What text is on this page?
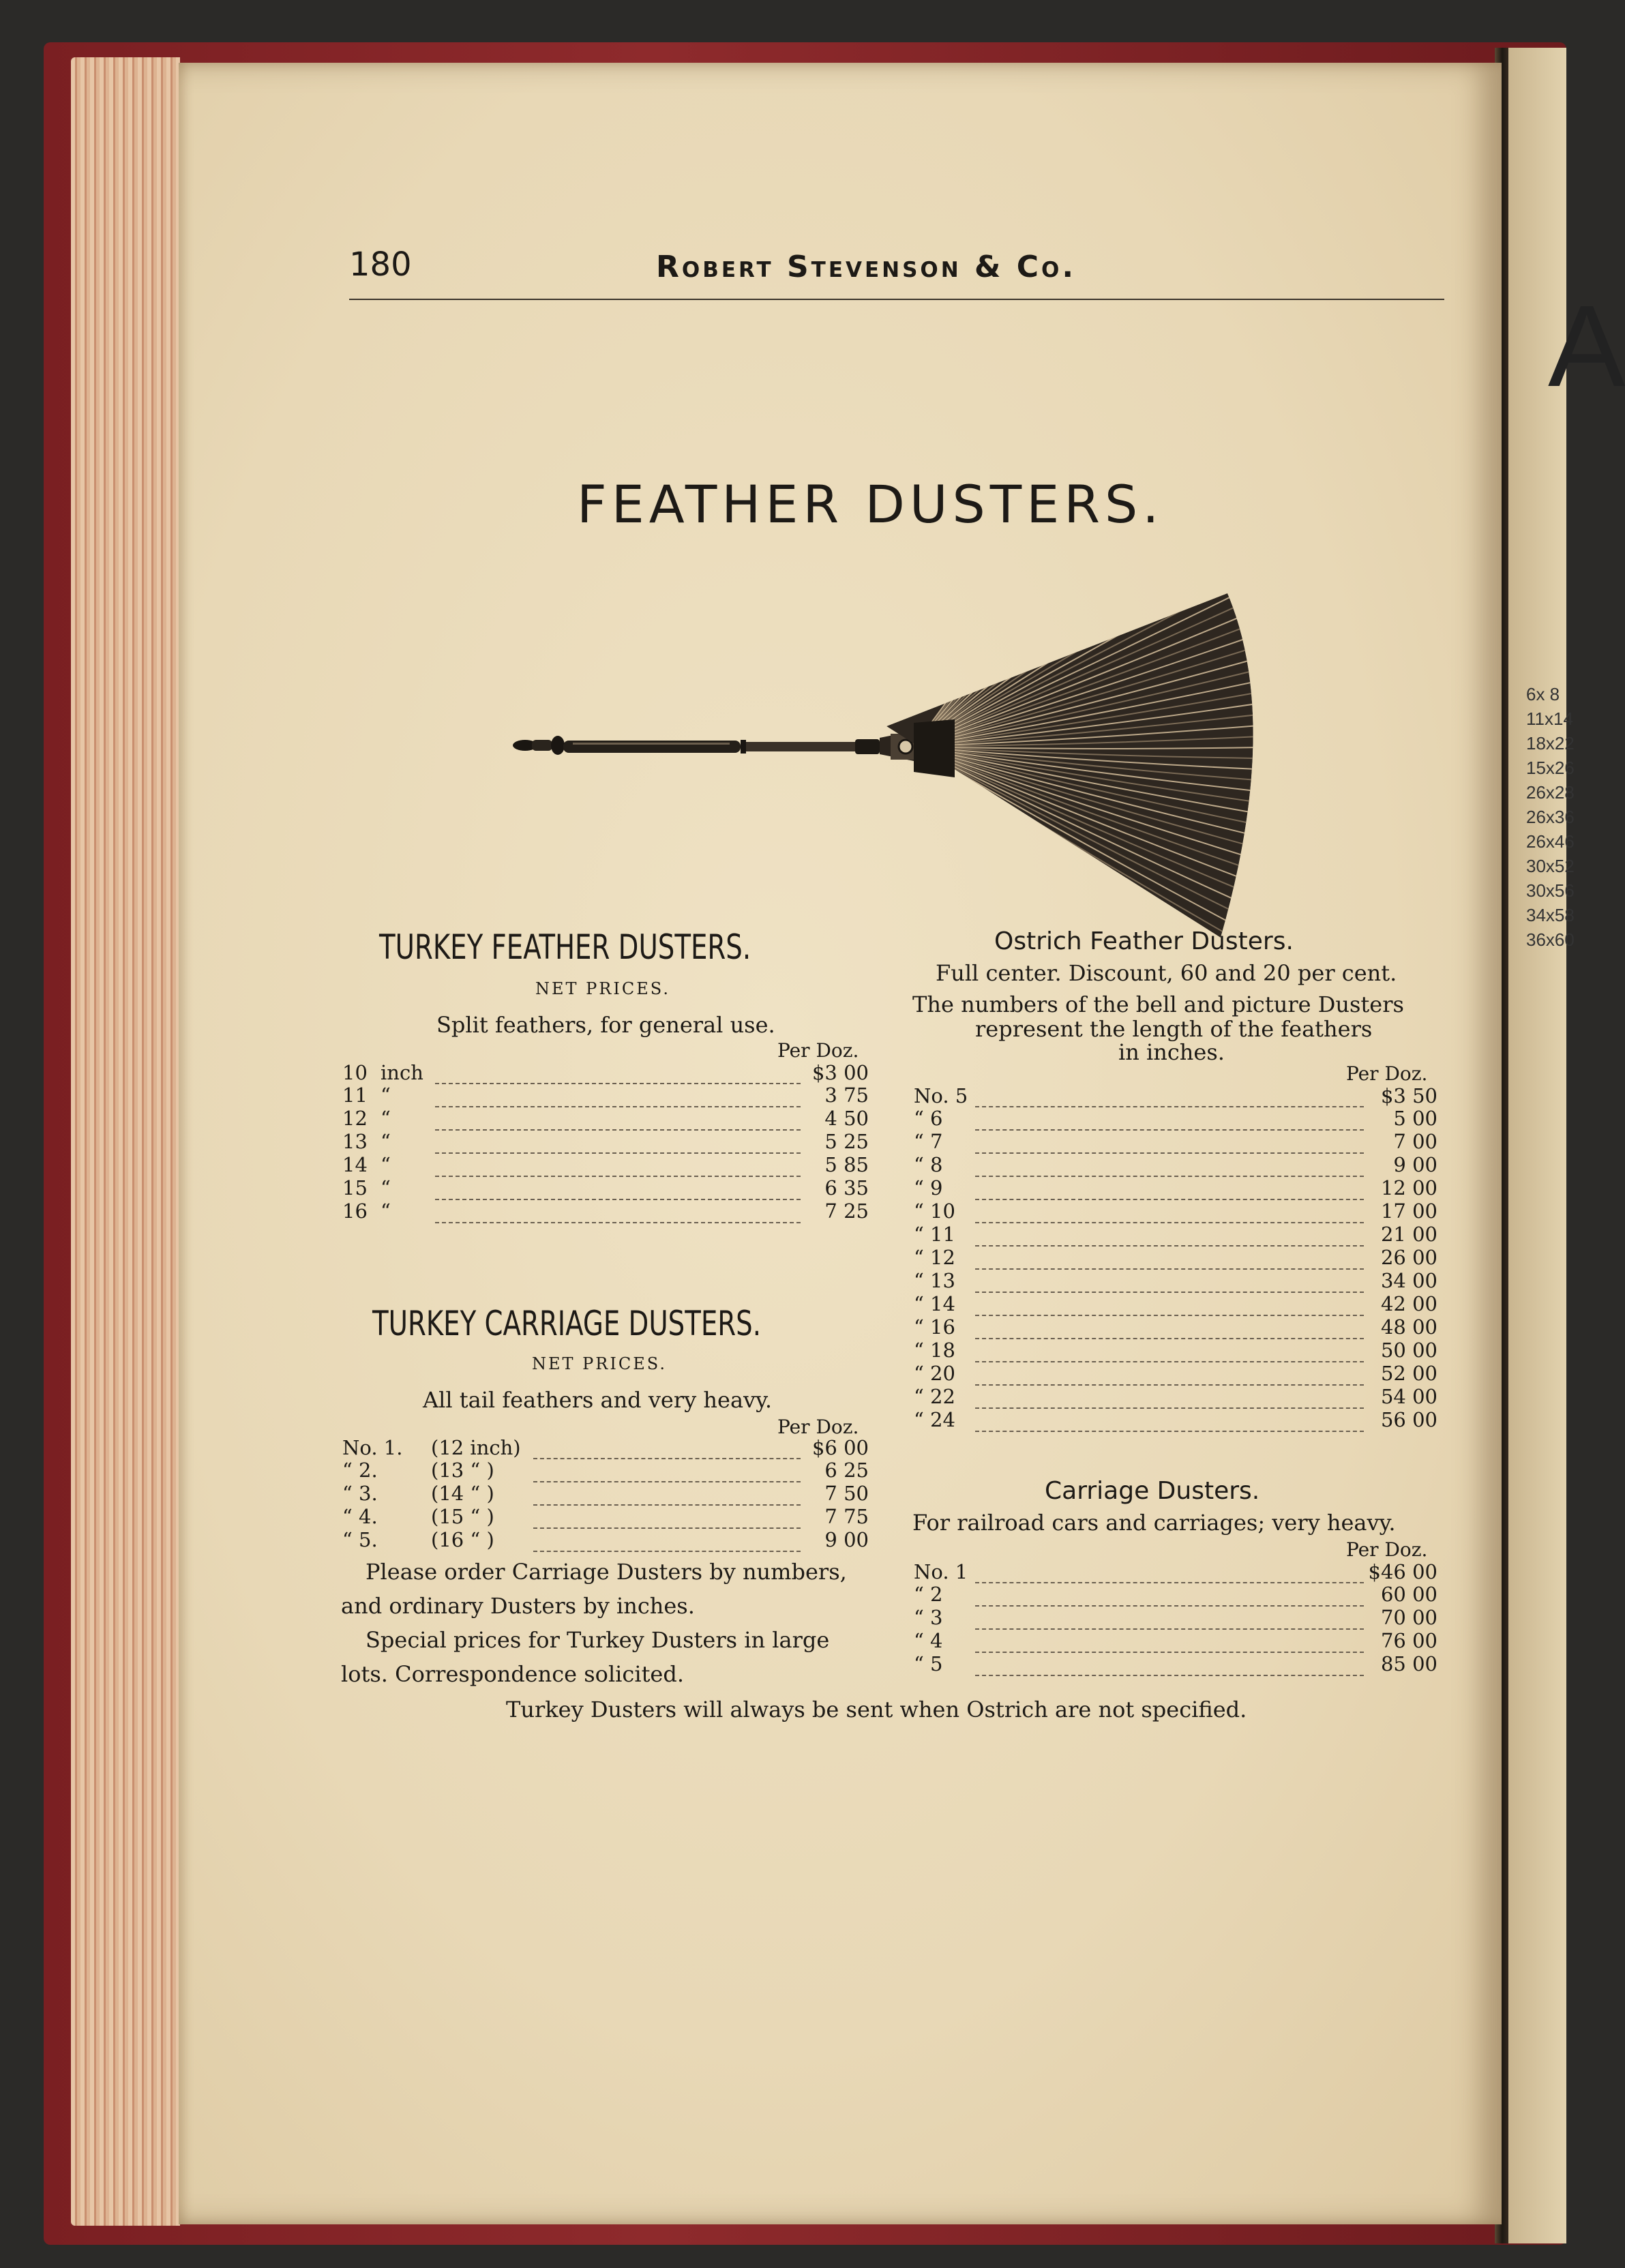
A
6x 8
11x14
18x22
15x26
26x28
26x36
26x46
30x52
30x56
34x58
36x60
180	Robert Stevenson & Co.
FEATHER DUSTERS.
TURKEY FEATHER DUSTERS.
NET PRICES.
Split feathers, for general use.
Per Doz.
10	inch		$3 00
11	“		3 75
12	“		4 50
13	“		5 25
14	“		5 85
15	“		6 35
16	“		7 25
TURKEY CARRIAGE DUSTERS.
NET PRICES.
All tail feathers and very heavy.
Per Doz.
No. 1.	(12 inch)		$6 00
“ 2.	(13 “ )		6 25
“ 3.	(14 “ )		7 50
“ 4.	(15 “ )		7 75
“ 5.	(16 “ )		9 00
Please order Carriage Dusters by numbers,
and ordinary Dusters by inches.
Special prices for Turkey Dusters in large
lots. Correspondence solicited.
Ostrich Feather Dusters.
Full center. Discount, 60 and 20 per cent.
The numbers of the bell and picture Dusters
represent the length of the feathers
in inches.
Per Doz.
No. 5		$3 50
“ 6		5 00
“ 7		7 00
“ 8		9 00
“ 9		12 00
“ 10		17 00
“ 11		21 00
“ 12		26 00
“ 13		34 00
“ 14		42 00
“ 16		48 00
“ 18		50 00
“ 20		52 00
“ 22		54 00
“ 24		56 00
Carriage Dusters.
For railroad cars and carriages; very heavy.
Per Doz.
No. 1		$46 00
“ 2		60 00
“ 3		70 00
“ 4		76 00
“ 5		85 00
Turkey Dusters will always be sent when Ostrich are not specified.
